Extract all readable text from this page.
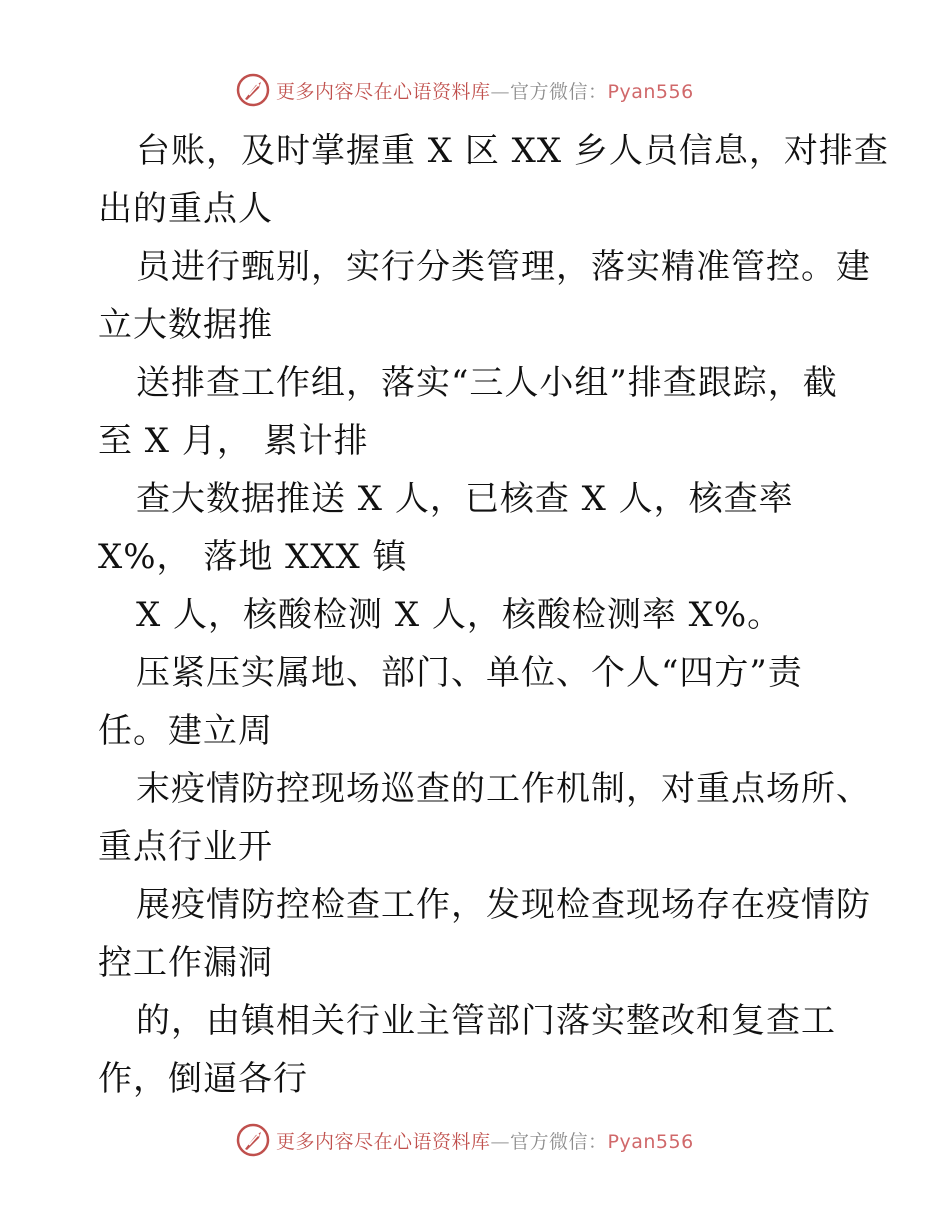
更多内容尽在心语资料库—官方微信：Pyan556
台账，及时掌握重 X 区 XX 乡人员信息，对排查
出的重点人
员进行甄别，实行分类管理，落实精准管控。建
立大数据推
送排查工作组，落实“三人小组”排查跟踪，截
至 X 月， 累计排
查大数据推送 X 人，已核查 X 人，核查率
X%， 落地 XXX 镇
X 人，核酸检测 X 人，核酸检测率 X%。
压紧压实属地、部门、单位、个人“四方”责
任。建立周
末疫情防控现场巡查的工作机制，对重点场所、
重点行业开
展疫情防控检查工作，发现检查现场存在疫情防
控工作漏洞
的，由镇相关行业主管部门落实整改和复查工
作，倒逼各行
更多内容尽在心语资料库—官方微信：Pyan556
